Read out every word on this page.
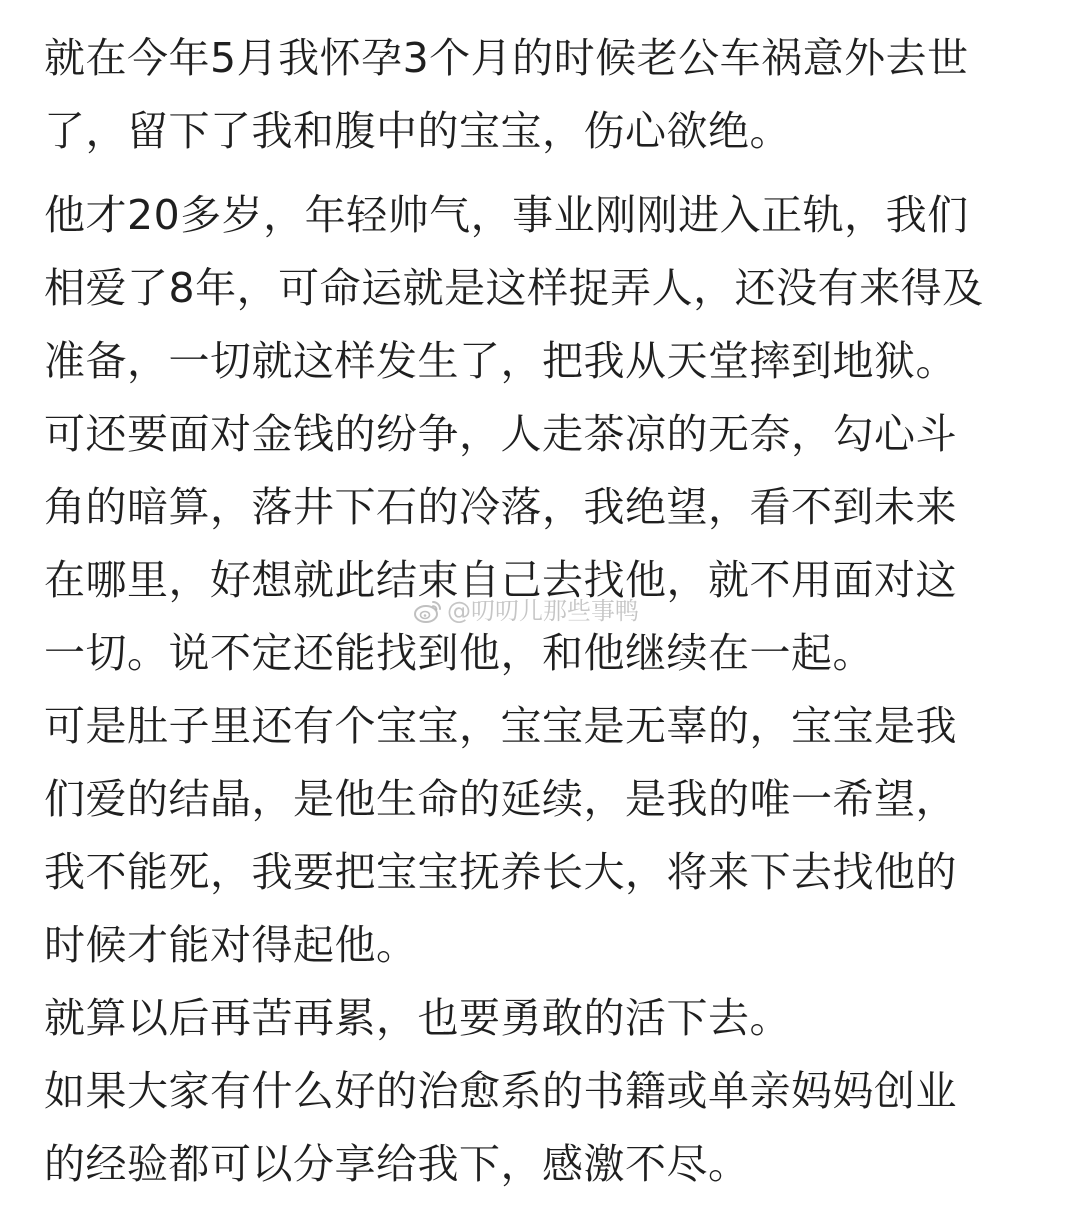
就在今年5月我怀孕3个月的时候老公车祸意外去世
了，留下了我和腹中的宝宝，伤心欲绝。
他才20多岁，年轻帅气，事业刚刚进入正轨，我们
相爱了8年，可命运就是这样捉弄人，还没有来得及
准备，一切就这样发生了，把我从天堂摔到地狱。
可还要面对金钱的纷争，人走茶凉的无奈，勾心斗
角的暗算，落井下石的冷落，我绝望，看不到未来
在哪里，好想就此结束自己去找他，就不用面对这
一切。说不定还能找到他，和他继续在一起。
可是肚子里还有个宝宝，宝宝是无辜的，宝宝是我
们爱的结晶，是他生命的延续，是我的唯一希望，
我不能死，我要把宝宝抚养长大，将来下去找他的
时候才能对得起他。
就算以后再苦再累，也要勇敢的活下去。
如果大家有什么好的治愈系的书籍或单亲妈妈创业
的经验都可以分享给我下，感激不尽。
@叨叨儿那些事鸭
